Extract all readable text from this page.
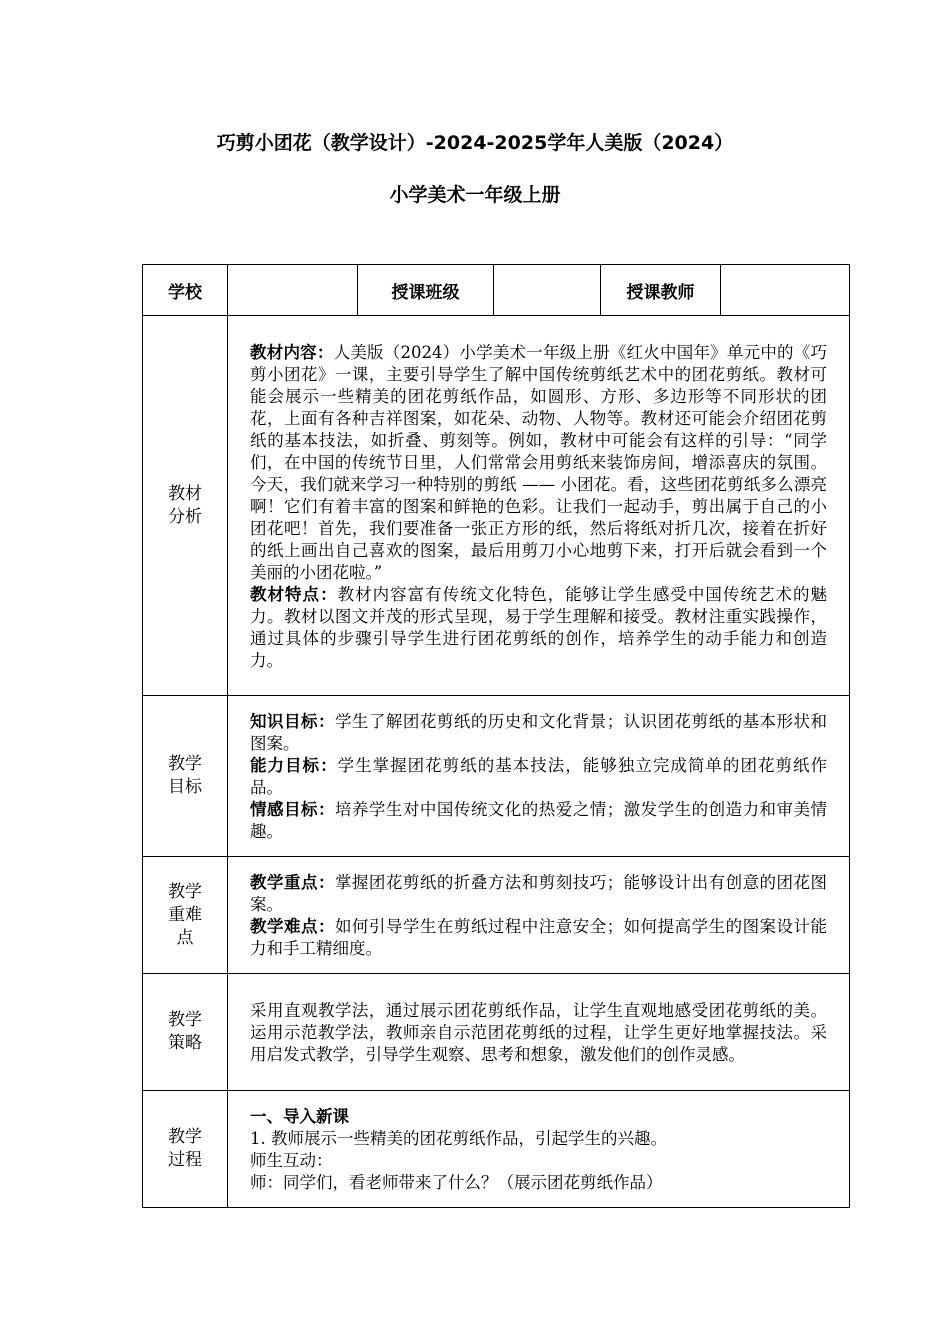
巧剪小团花（教学设计）-2024-2025学年人美版（2024）
小学美术一年级上册
学校		授课班级		授课教师	
教材分析	教材内容：人美版（2024）小学美术一年级上册《红火中国年》单元中的《巧剪小团花》一课，主要引导学生了解中国传统剪纸艺术中的团花剪纸。教材可能会展示一些精美的团花剪纸作品，如圆形、方形、多边形等不同形状的团花，上面有各种吉祥图案，如花朵、动物、人物等。教材还可能会介绍团花剪纸的基本技法，如折叠、剪刻等。例如，教材中可能会有这样的引导：“同学们，在中国的传统节日里，人们常常会用剪纸来装饰房间，增添喜庆的氛围。今天，我们就来学习一种特别的剪纸 —— 小团花。看，这些团花剪纸多么漂亮啊！它们有着丰富的图案和鲜艳的色彩。让我们一起动手，剪出属于自己的小团花吧！首先，我们要准备一张正方形的纸，然后将纸对折几次，接着在折好的纸上画出自己喜欢的图案，最后用剪刀小心地剪下来，打开后就会看到一个美丽的小团花啦。”

教材特点：教材内容富有传统文化特色，能够让学生感受中国传统艺术的魅力。教材以图文并茂的形式呈现，易于学生理解和接受。教材注重实践操作，通过具体的步骤引导学生进行团花剪纸的创作，培养学生的动手能力和创造力。				

教学目标	知识目标：学生了解团花剪纸的历史和文化背景；认识团花剪纸的基本形状和图案。

能力目标：学生掌握团花剪纸的基本技法，能够独立完成简单的团花剪纸作品。

情感目标：培养学生对中国传统文化的热爱之情；激发学生的创造力和审美情趣。				

教学重难点	教学重点：掌握团花剪纸的折叠方法和剪刻技巧；能够设计出有创意的团花图案。

教学难点：如何引导学生在剪纸过程中注意安全；如何提高学生的图案设计能力和手工精细度。				

教学策略	采用直观教学法，通过展示团花剪纸作品，让学生直观地感受团花剪纸的美。运用示范教学法，教师亲自示范团花剪纸的过程，让学生更好地掌握技法。采用启发式教学，引导学生观察、思考和想象，激发他们的创作灵感。				
教学过程	一、导入新课

1. 教师展示一些精美的团花剪纸作品，引起学生的兴趣。

师生互动：

师：同学们，看老师带来了什么？（展示团花剪纸作品）				
